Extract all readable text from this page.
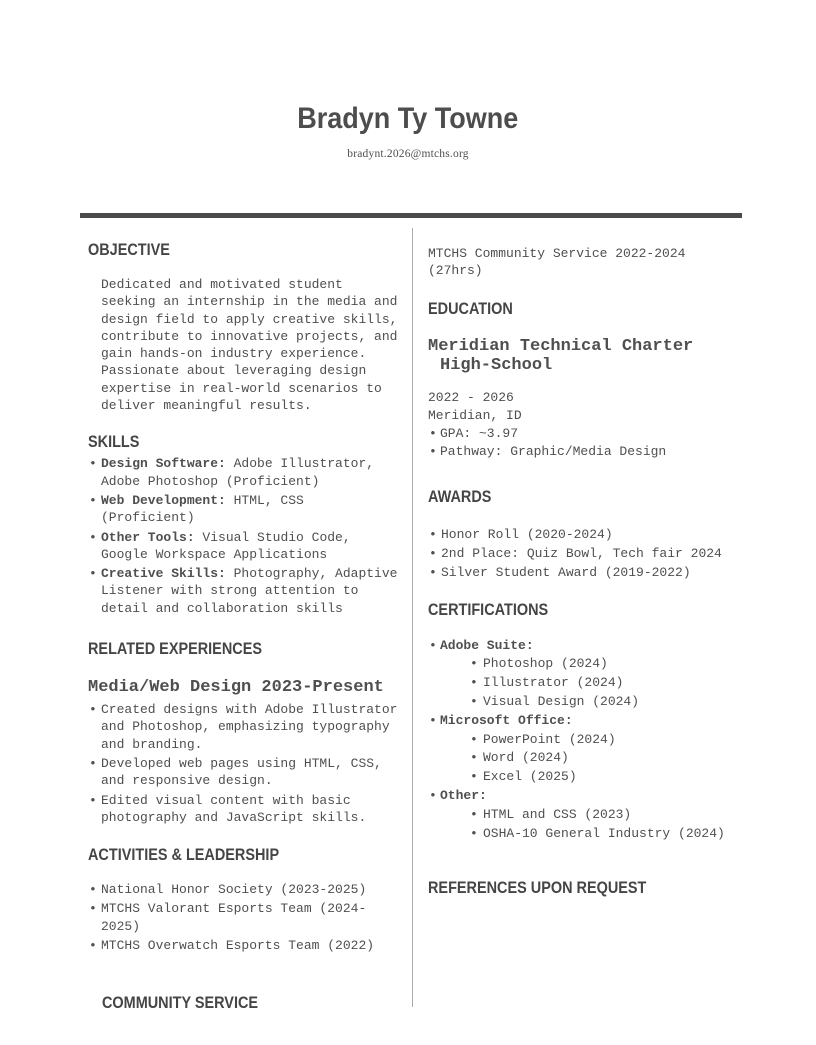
Bradyn Ty Towne
bradynt.2026@mtchs.org
OBJECTIVE

Dedicated and motivated student seeking an internship in the media and design field to apply creative skills, contribute to innovative projects, and gain hands-on industry experience. Passionate about leveraging design expertise in real-world scenarios to deliver meaningful results.

SKILLS
• Design Software: Adobe Illustrator, Adobe Photoshop (Proficient)
• Web Development: HTML, CSS (Proficient)
• Other Tools: Visual Studio Code, Google Workspace Applications
• Creative Skills: Photography, Adaptive Listener with strong attention to detail and collaboration skills
RELATED EXPERIENCES
Media/Web Design 2023-Present
• Created designs with Adobe Illustrator and Photoshop, emphasizing typography and branding.
• Developed web pages using HTML, CSS, and responsive design.
• Edited visual content with basic photography and JavaScript skills.
ACTIVITIES & LEADERSHIP
• National Honor Society (2023-2025)
• MTCHS Valorant Esports Team (2024-2025)
• MTCHS Overwatch Esports Team (2022)
COMMUNITY SERVICE

MTCHS Community Service 2022-2024 (27hrs)

EDUCATION
Meridian Technical Charter High-School
2022 - 2026
Meridian, ID
• GPA: ~3.97
• Pathway: Graphic/Media Design
AWARDS
• Honor Roll (2020-2024)
• 2nd Place: Quiz Bowl, Tech fair 2024
• Silver Student Award (2019-2022)
CERTIFICATIONS
• Adobe Suite:
• Photoshop (2024)
• Illustrator (2024)
• Visual Design (2024)
• Microsoft Office:
• PowerPoint (2024)
• Word (2024)
• Excel (2025)
• Other:
• HTML and CSS (2023)
• OSHA-10 General Industry (2024)
REFERENCES UPON REQUEST
